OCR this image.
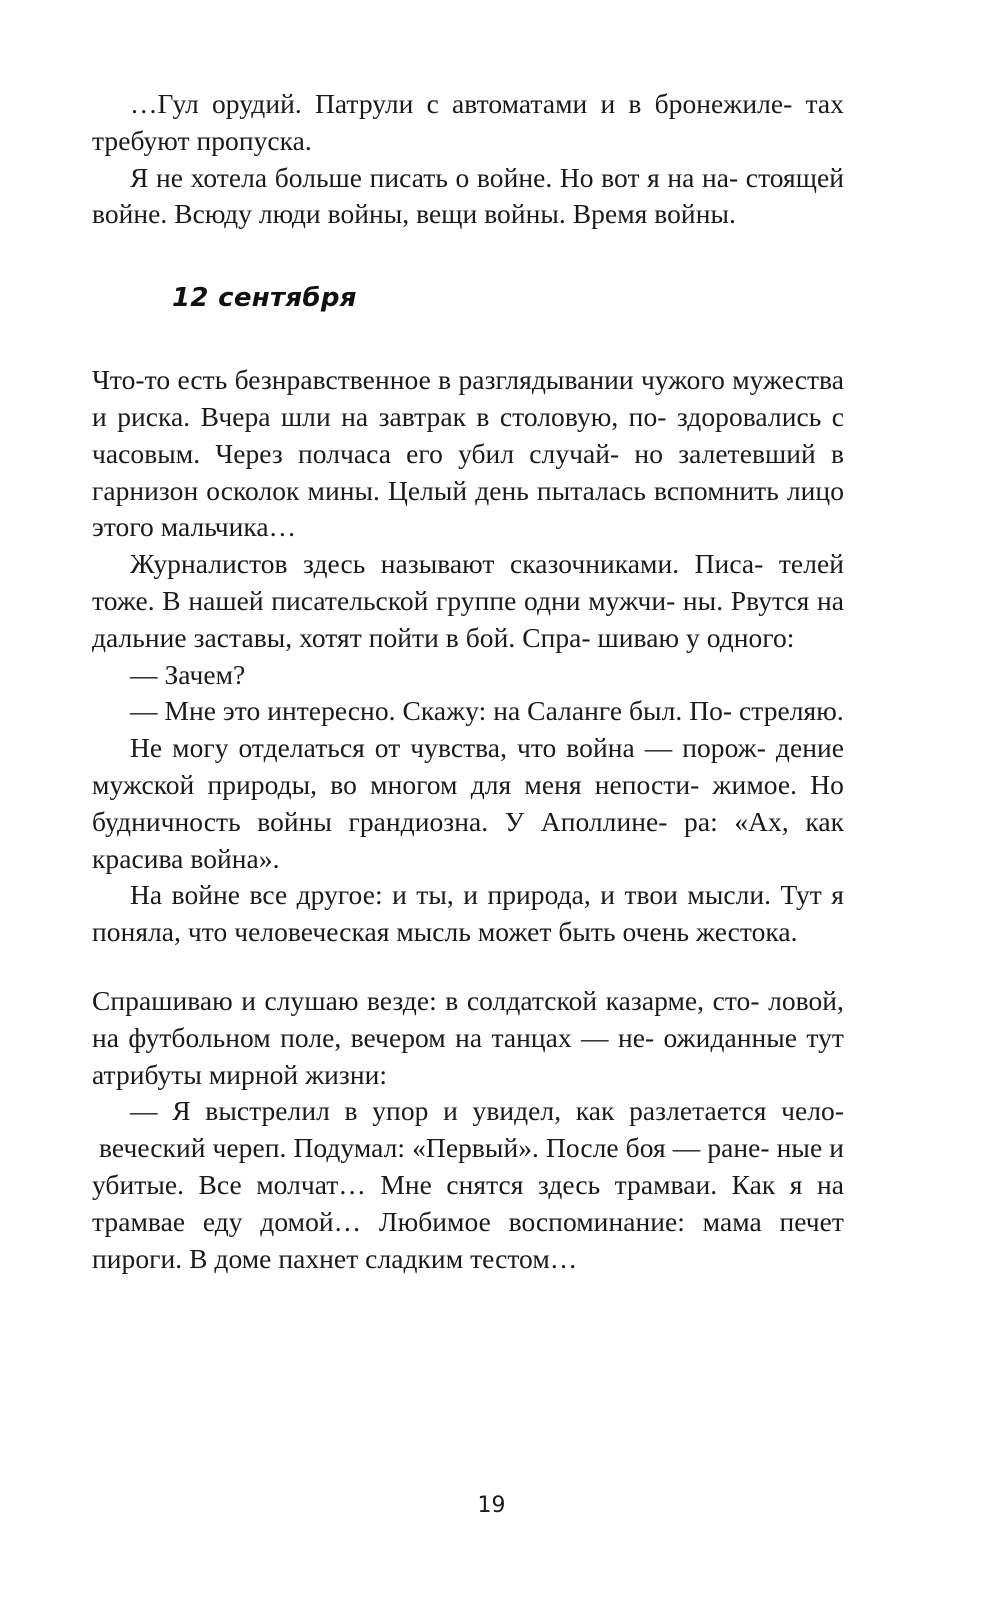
…Гул орудий. Патрули с автоматами и в бронежиле- тах требуют пропуска.

Я не хотела больше писать о войне. Но вот я на на- стоящей войне. Всюду люди войны, вещи войны. Время войны.

12 сентября

Что-то есть безнравственное в разглядывании чужого мужества и риска. Вчера шли на завтрак в столовую, по- здоровались с часовым. Через полчаса его убил случай- но залетевший в гарнизон осколок мины. Целый день пыталась вспомнить лицо этого мальчика…

Журналистов здесь называют сказочниками. Писа- телей тоже. В нашей писательской группе одни мужчи- ны. Рвутся на дальние заставы, хотят пойти в бой. Спра- шиваю у одного:

— Зачем?

— Мне это интересно. Скажу: на Саланге был. По- стреляю.

Не могу отделаться от чувства, что война — порож- дение мужской природы, во многом для меня непости- жимое. Но будничность войны грандиозна. У Аполлине- ра: «Ах, как красива война».

На войне все другое: и ты, и природа, и твои мысли. Тут я поняла, что человеческая мысль может быть очень жестока.

Спрашиваю и слушаю везде: в солдатской казарме, сто- ловой, на футбольном поле, вечером на танцах — не- ожиданные тут атрибуты мирной жизни:

— Я выстрелил в упор и увидел, как разлетается чело- веческий череп. Подумал: «Первый». После боя — ране- ные и убитые. Все молчат… Мне снятся здесь трамваи. Как я на трамвае еду домой… Любимое воспоминание: мама печет пироги. В доме пахнет сладким тестом…

19
